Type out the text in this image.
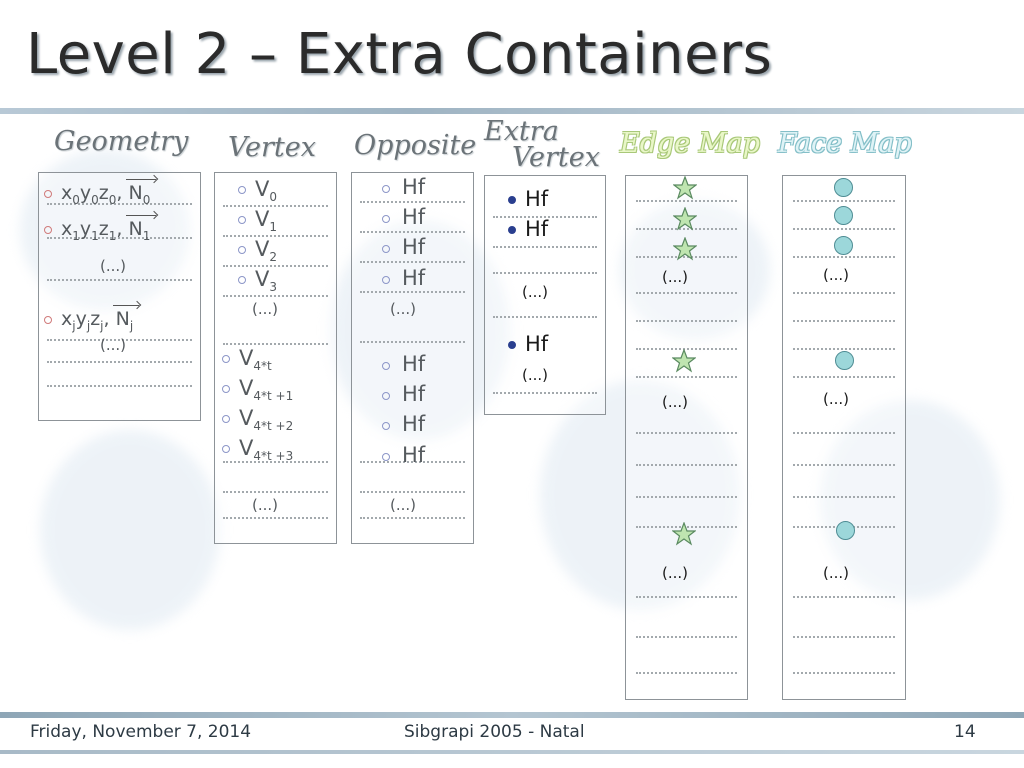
Level 2 – Extra Containers
Geometry Vertex Opposite Extra
Vertex Edge Map Face Map
$x_0y_0z_0$, $N_0$
$x_1y_1z_1$, $N_1$
(...)
$x_jy_jz_j$, $N_j$
(...)
$V_0$
$V_1$
$V_2$
$V_3$
(...)
$V_{4*t}$
$V_{4*t +1}$
$V_{4*t +2}$
$V_{4*t +3}$
(...)
Hf
Hf
Hf
Hf
(...)
Hf
Hf
Hf
Hf
(...)
Hf
Hf
(...)
Hf
(...)
(...)
(...)
(...)
(...)
(...)
(...)
Friday, November 7, 2014	Sibgrapi 2005 - Natal	14
